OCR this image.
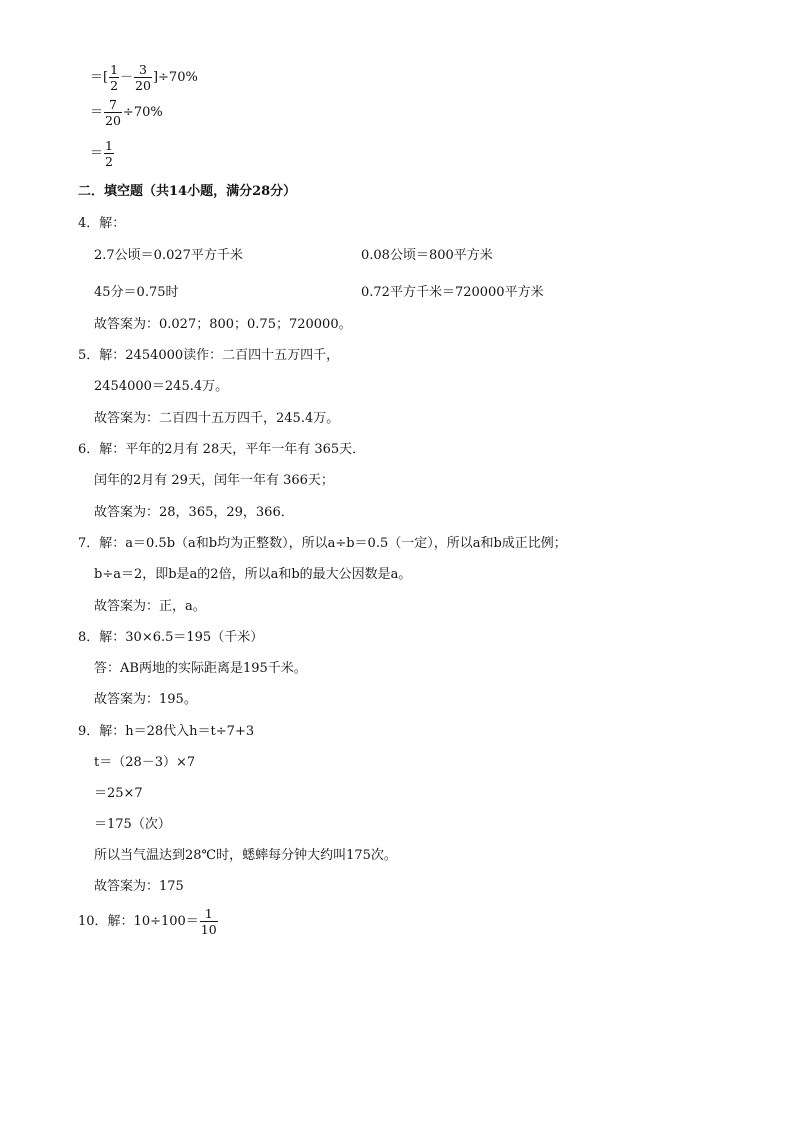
＝[ $\frac{1}{2} - \frac{3}{20} ]\div 70\%$
＝ $\frac{7}{20} \div 70\%$
＝ $\frac{1}{2}$
二．填空题（共14小题，满分28分）
4．解：
2.7公顷＝0.027平方千米	0.08公顷＝800平方米
45分＝0.75时	0.72平方千米＝720000平方米
故答案为：0.027；800；0.75；720000。
5．解：2454000读作：二百四十五万四千，
2454000＝245.4万。
故答案为：二百四十五万四千，245.4万。
6．解：平年的2月有 28天，平年一年有 365天．
闰年的2月有 29天，闰年一年有 366天；
故答案为：28，365，29，366．
7．解：a＝0.5b（a和b均为正整数），所以a÷b＝0.5（一定），所以a和b成正比例；
b÷a＝2，即b是a的2倍，所以a和b的最大公因数是a。
故答案为：正，a。
8．解：30×6.5＝195（千米）
答：AB两地的实际距离是195千米。
故答案为：195。
9．解：h＝28代入h＝t÷7+3
t＝（28－3）×7
＝25×7
＝175（次）
所以当气温达到28℃时，蟋蟀每分钟大约叫175次。
故答案为：175
10．解：$10\div 100= \frac{1}{10}$
